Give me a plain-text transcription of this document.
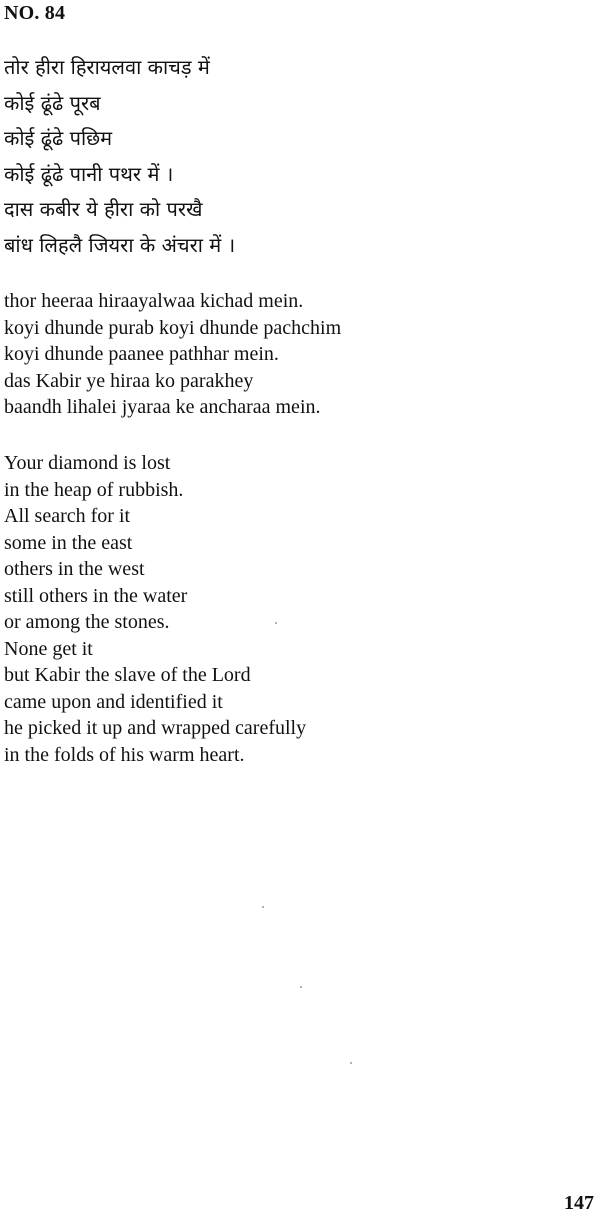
NO. 84
तोर हीरा हिरायलवा काचड़ में
कोई ढूंढे पूरब
कोई ढूंढे पछिम
कोई ढूंढे पानी पथर में ।
दास कबीर ये हीरा को परखै
बांध लिहलै जियरा के अंचरा में ।
thor heeraa hiraayalwaa kichad mein.
koyi dhunde purab koyi dhunde pachchim
koyi dhunde paanee pathhar mein.
das Kabir ye hiraa ko parakhey
baandh lihalei jyaraa ke ancharaa mein.
Your diamond is lost
in the heap of rubbish.
All search for it
some in the east
others in the west
still others in the water
or among the stones.
None get it
but Kabir the slave of the Lord
came upon and identified it
he picked it up and wrapped carefully
in the folds of his warm heart.
147
